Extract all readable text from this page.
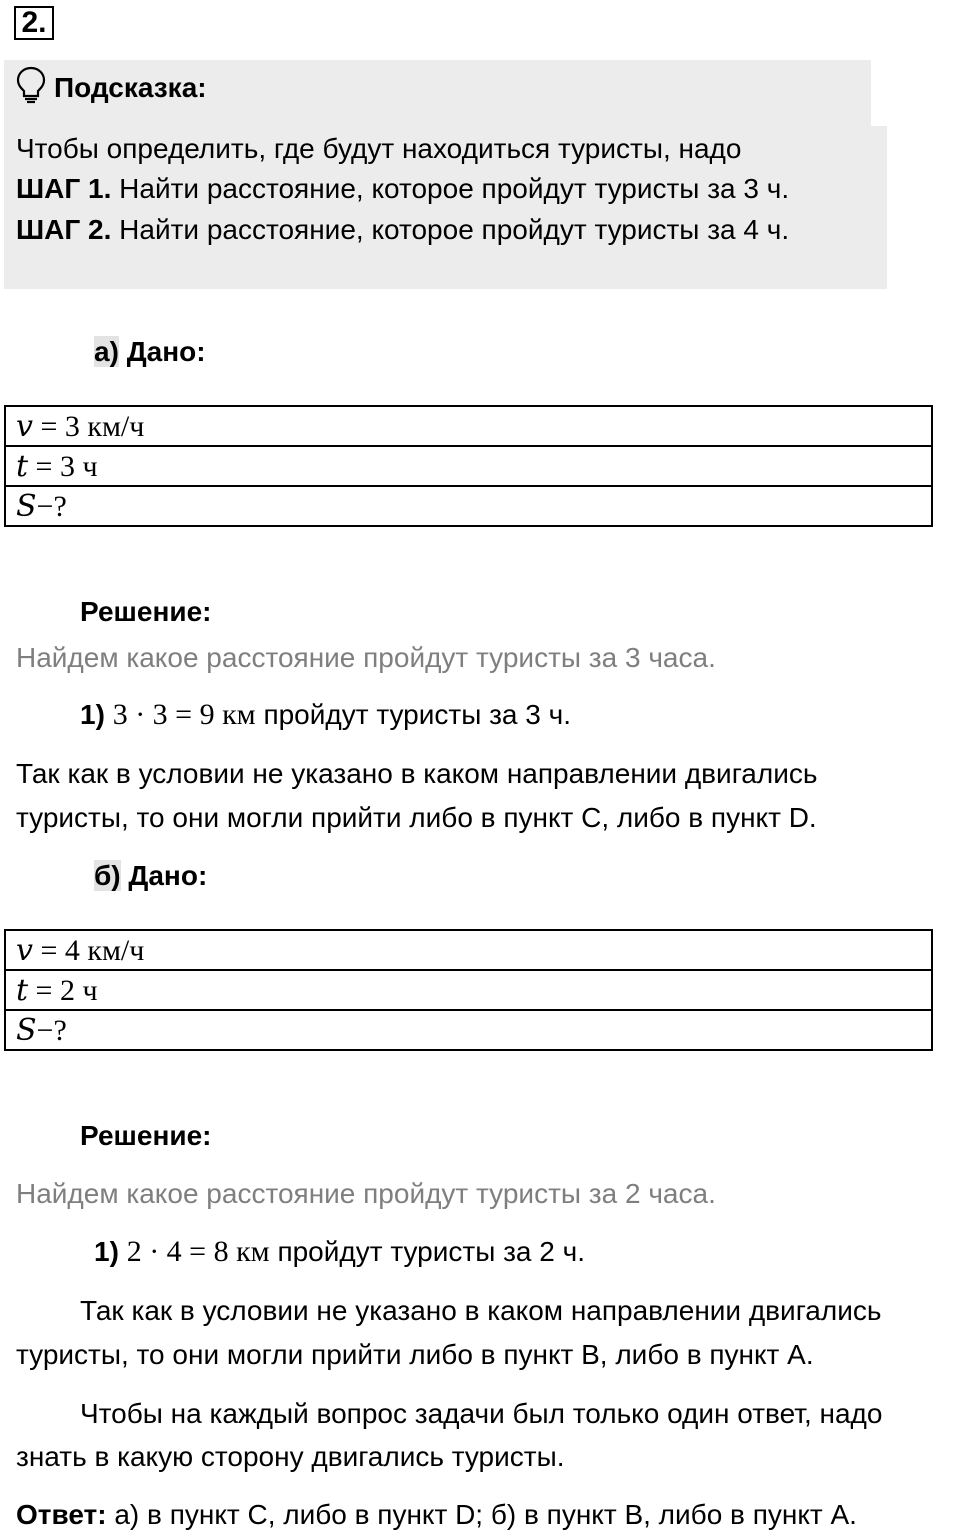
2.
Подсказка:
Чтобы определить, где будут находиться туристы, надо
ШАГ 1. Найти расстояние, которое пройдут туристы за 3 ч.
ШАГ 2. Найти расстояние, которое пройдут туристы за 4 ч.
а) Дано:
𝑣 = 3 км/ч
𝑡 = 3 ч
𝑆−?
Решение:
Найдем какое расстояние пройдут туристы за 3 часа.
1) 3 · 3 = 9 км пройдут туристы за 3 ч.
Так как в условии не указано в каком направлении двигались
туристы, то они могли прийти либо в пункт С, либо в пункт D.
б) Дано:
𝑣 = 4 км/ч
𝑡 = 2 ч
𝑆−?
Решение:
Найдем какое расстояние пройдут туристы за 2 часа.
1) 2 · 4 = 8 км пройдут туристы за 2 ч.
Так как в условии не указано в каком направлении двигались
туристы, то они могли прийти либо в пункт В, либо в пункт А.
Чтобы на каждый вопрос задачи был только один ответ, надо
знать в какую сторону двигались туристы.
Ответ: а) в пункт С, либо в пункт D; б) в пункт В, либо в пункт А.
